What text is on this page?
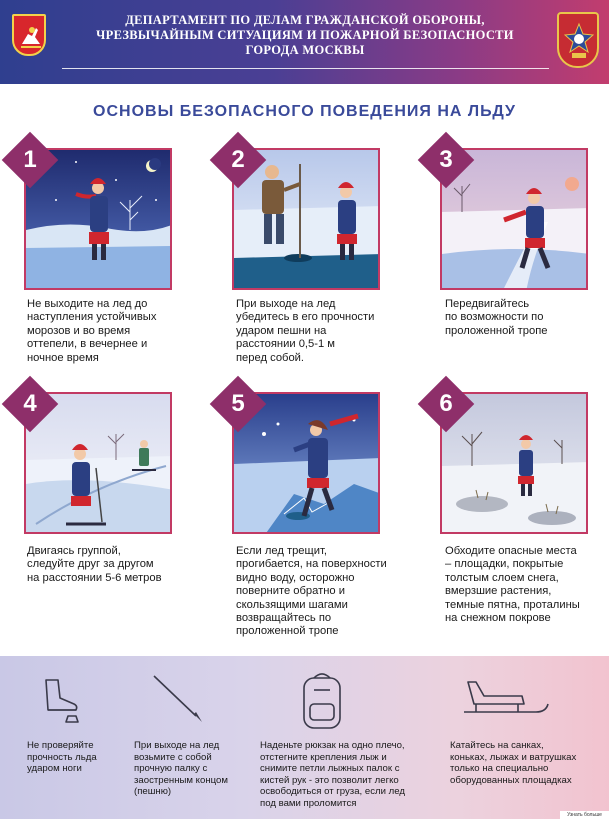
ДЕПАРТАМЕНТ ПО ДЕЛАМ ГРАЖДАНСКОЙ ОБОРОНЫ,
ЧРЕЗВЫЧАЙНЫМ СИТУАЦИЯМ И ПОЖАРНОЙ БЕЗОПАСНОСТИ
ГОРОДА МОСКВЫ
ОСНОВЫ БЕЗОПАСНОГО ПОВЕДЕНИЯ НА ЛЬДУ
1
Не выходите на лед до
наступления устойчивых
морозов и во время
оттепели, в вечернее и
ночное время
2
При выходе на лед
убедитесь в его прочности
ударом пешни на
расстоянии 0,5-1 м
перед собой.
3
Передвигайтесь
по возможности по
проложенной тропе
4
Двигаясь группой,
следуйте друг за другом
на расстоянии 5-6 метров
5
Если лед трещит,
прогибается, на поверхности
видно воду, осторожно
поверните обратно и
скользящими шагами
возвращайтесь по
проложенной тропе
6
Обходите опасные места
– площадки, покрытые
толстым слоем снега,
вмерзшие растения,
темные пятна, проталины
на снежном покрове
Не проверяйте
прочность льда
ударом ноги
При выходе на лед
возьмите с собой
прочную палку с
заостренным концом
(пешню)
Наденьте рюкзак на одно плечо,
отстегните крепления лыж и
снимите петли лыжных палок с
кистей рук - это позволит легко
освободиться от груза, если лед
под вами проломится
Катайтесь на санках,
коньках, лыжах и ватрушках
только на специально
оборудованных площадках
Узнать больше
